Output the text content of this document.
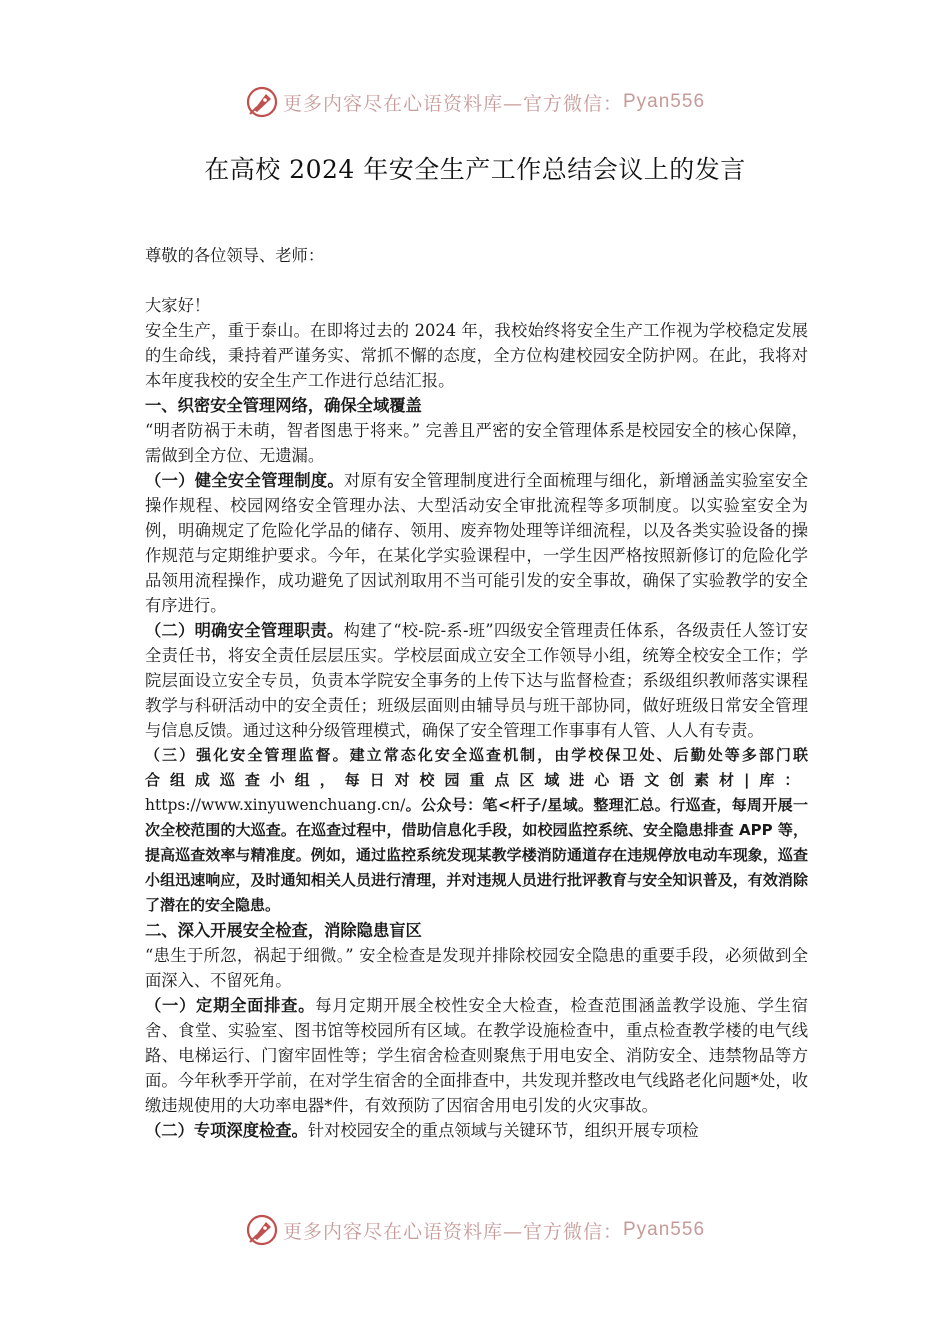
更多内容尽在心语资料库—官方微信： Pyan556
在高校 2024 年安全生产工作总结会议上的发言

尊敬的各位领导、老师：

大家好！

安全生产，重于泰山。在即将过去的 2024 年，我校始终将安全生产工作视为学校稳定发展的生命线，秉持着严谨务实、常抓不懈的态度，全方位构建校园安全防护网。在此，我将对本年度我校的安全生产工作进行总结汇报。

一、织密安全管理网络，确保全域覆盖

“明者防祸于未萌，智者图患于将来。” 完善且严密的安全管理体系是校园安全的核心保障，需做到全方位、无遗漏。

（一）健全安全管理制度。对原有安全管理制度进行全面梳理与细化，新增涵盖实验室安全操作规程、校园网络安全管理办法、大型活动安全审批流程等多项制度。以实验室安全为例，明确规定了危险化学品的储存、领用、废弃物处理等详细流程，以及各类实验设备的操作规范与定期维护要求。今年，在某化学实验课程中，一学生因严格按照新修订的危险化学品领用流程操作，成功避免了因试剂取用不当可能引发的安全事故，确保了实验教学的安全有序进行。

（二）明确安全管理职责。构建了“校-院-系-班”四级安全管理责任体系，各级责任人签订安全责任书，将安全责任层层压实。学校层面成立安全工作领导小组，统筹全校安全工作；学院层面设立安全专员，负责本学院安全事务的上传下达与监督检查；系级组织教师落实课程教学与科研活动中的安全责任；班级层面则由辅导员与班干部协同，做好班级日常安全管理与信息反馈。通过这种分级管理模式，确保了安全管理工作事事有人管、人人有专责。

（三）强化安全管理监督。建立常态化安全巡查机制，由学校保卫处、后勤处等多部门联

合组成巡查小组，每日对校园重点区域进心语文创素材|库：https://www.xinyuwenchuang.cn/。公众号：笔<杆子/星域。整理汇总。行巡查，每周开展一次全校范围的大巡查。在巡查过程中，借助信息化手段，如校园监控系统、安全隐患排查 APP 等，提高巡查效率与精准度。例如，通过监控系统发现某教学楼消防通道存在违规停放电动车现象，巡查小组迅速响应，及时通知相关人员进行清理，并对违规人员进行批评教育与安全知识普及，有效消除了潜在的安全隐患。

二、深入开展安全检查，消除隐患盲区

“患生于所忽，祸起于细微。” 安全检查是发现并排除校园安全隐患的重要手段，必须做到全面深入、不留死角。

（一）定期全面排查。每月定期开展全校性安全大检查，检查范围涵盖教学设施、学生宿舍、食堂、实验室、图书馆等校园所有区域。在教学设施检查中，重点检查教学楼的电气线路、电梯运行、门窗牢固性等；学生宿舍检查则聚焦于用电安全、消防安全、违禁物品等方面。今年秋季开学前，在对学生宿舍的全面排查中，共发现并整改电气线路老化问题*处，收缴违规使用的大功率电器*件，有效预防了因宿舍用电引发的火灾事故。

（二）专项深度检查。针对校园安全的重点领域与关键环节，组织开展专项检

更多内容尽在心语资料库—官方微信： Pyan556
